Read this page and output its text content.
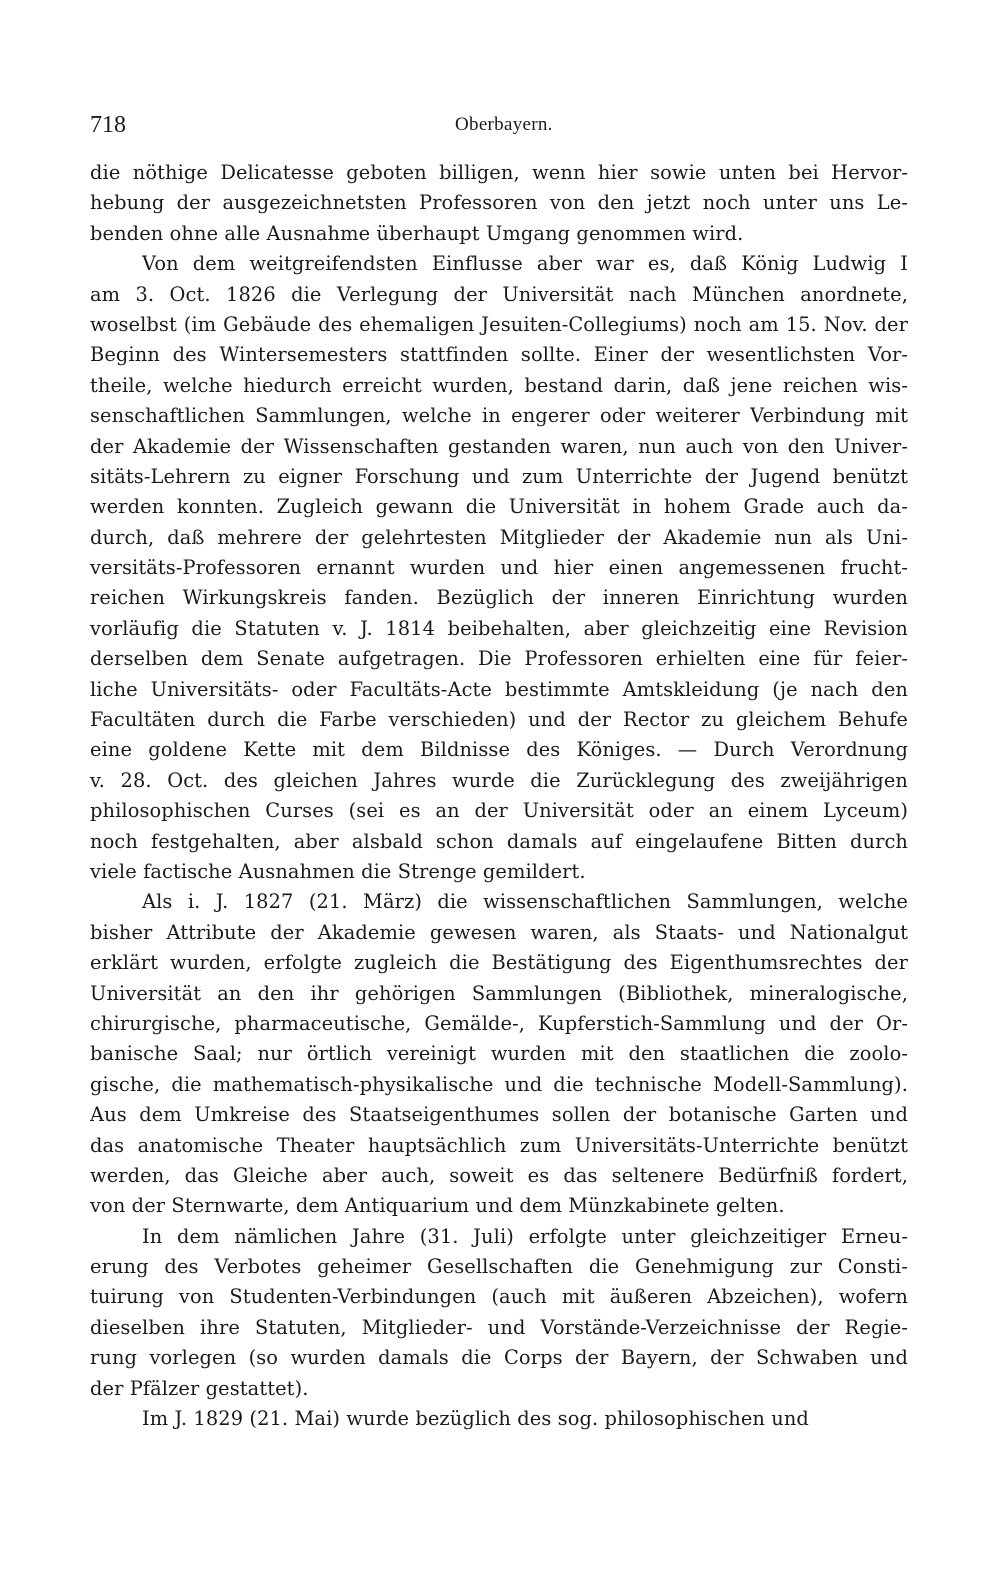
718	Oberbayern.
die nöthige Delicatesse geboten billigen, wenn hier sowie unten bei Hervor-
hebung der ausgezeichnetsten Professoren von den jetzt noch unter uns Le-
benden ohne alle Ausnahme überhaupt Umgang genommen wird.
Von dem weitgreifendsten Einflusse aber war es, daß König Ludwig I
am 3. Oct. 1826 die Verlegung der Universität nach München anordnete,
woselbst (im Gebäude des ehemaligen Jesuiten-Collegiums) noch am 15. Nov. der
Beginn des Wintersemesters stattfinden sollte. Einer der wesentlichsten Vor-
theile, welche hiedurch erreicht wurden, bestand darin, daß jene reichen wis-
senschaftlichen Sammlungen, welche in engerer oder weiterer Verbindung mit
der Akademie der Wissenschaften gestanden waren, nun auch von den Univer-
sitäts-Lehrern zu eigner Forschung und zum Unterrichte der Jugend benützt
werden konnten. Zugleich gewann die Universität in hohem Grade auch da-
durch, daß mehrere der gelehrtesten Mitglieder der Akademie nun als Uni-
versitäts-Professoren ernannt wurden und hier einen angemessenen frucht-
reichen Wirkungskreis fanden. Bezüglich der inneren Einrichtung wurden
vorläufig die Statuten v. J. 1814 beibehalten, aber gleichzeitig eine Revision
derselben dem Senate aufgetragen. Die Professoren erhielten eine für feier-
liche Universitäts- oder Facultäts-Acte bestimmte Amtskleidung (je nach den
Facultäten durch die Farbe verschieden) und der Rector zu gleichem Behufe
eine goldene Kette mit dem Bildnisse des Königes. — Durch Verordnung
v. 28. Oct. des gleichen Jahres wurde die Zurücklegung des zweijährigen
philosophischen Curses (sei es an der Universität oder an einem Lyceum)
noch festgehalten, aber alsbald schon damals auf eingelaufene Bitten durch
viele factische Ausnahmen die Strenge gemildert.
Als i. J. 1827 (21. März) die wissenschaftlichen Sammlungen, welche
bisher Attribute der Akademie gewesen waren, als Staats- und Nationalgut
erklärt wurden, erfolgte zugleich die Bestätigung des Eigenthumsrechtes der
Universität an den ihr gehörigen Sammlungen (Bibliothek, mineralogische,
chirurgische, pharmaceutische, Gemälde-, Kupferstich-Sammlung und der Or-
banische Saal; nur örtlich vereinigt wurden mit den staatlichen die zoolo-
gische, die mathematisch-physikalische und die technische Modell-Sammlung).
Aus dem Umkreise des Staatseigenthumes sollen der botanische Garten und
das anatomische Theater hauptsächlich zum Universitäts-Unterrichte benützt
werden, das Gleiche aber auch, soweit es das seltenere Bedürfniß fordert,
von der Sternwarte, dem Antiquarium und dem Münzkabinete gelten.
In dem nämlichen Jahre (31. Juli) erfolgte unter gleichzeitiger Erneu-
erung des Verbotes geheimer Gesellschaften die Genehmigung zur Consti-
tuirung von Studenten-Verbindungen (auch mit äußeren Abzeichen), wofern
dieselben ihre Statuten, Mitglieder- und Vorstände-Verzeichnisse der Regie-
rung vorlegen (so wurden damals die Corps der Bayern, der Schwaben und
der Pfälzer gestattet).
Im J. 1829 (21. Mai) wurde bezüglich des sog. philosophischen und
